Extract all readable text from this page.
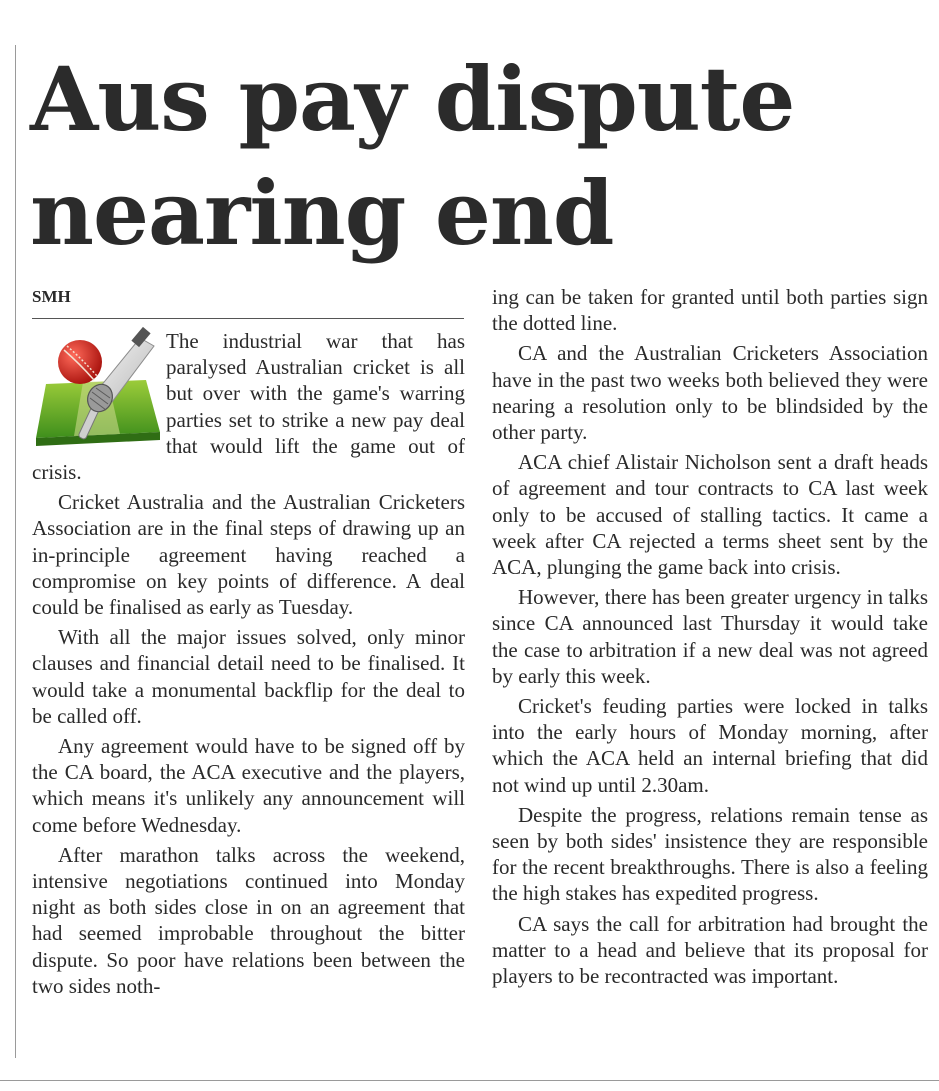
Aus pay dispute nearing end
SMH

The industrial war that has paralysed Australian cricket is all but over with the game's warring parties set to strike a new pay deal that would lift the game out of crisis.

Cricket Australia and the Australian Cricketers Association are in the final steps of drawing up an in-principle agreement having reached a compromise on key points of difference. A deal could be finalised as early as Tuesday.

With all the major issues solved, only minor clauses and financial detail need to be finalised. It would take a monumental backflip for the deal to be called off.

Any agreement would have to be signed off by the CA board, the ACA executive and the players, which means it's unlikely any announcement will come before Wednesday.

After marathon talks across the weekend, intensive negotiations continued into Monday night as both sides close in on an agreement that had seemed improbable throughout the bitter dispute. So poor have relations been between the two sides noth-

ing can be taken for granted until both parties sign the dotted line.

CA and the Australian Cricketers Association have in the past two weeks both believed they were nearing a resolution only to be blindsided by the other party.

ACA chief Alistair Nicholson sent a draft heads of agreement and tour contracts to CA last week only to be accused of stalling tactics. It came a week after CA rejected a terms sheet sent by the ACA, plunging the game back into crisis.

However, there has been greater urgency in talks since CA announced last Thursday it would take the case to arbitration if a new deal was not agreed by early this week.

Cricket's feuding parties were locked in talks into the early hours of Monday morning, after which the ACA held an internal briefing that did not wind up until 2.30am.

Despite the progress, relations remain tense as seen by both sides' insistence they are responsible for the recent breakthroughs. There is also a feeling the high stakes has expedited progress.

CA says the call for arbitration had brought the matter to a head and believe that its proposal for players to be recontracted was important.
